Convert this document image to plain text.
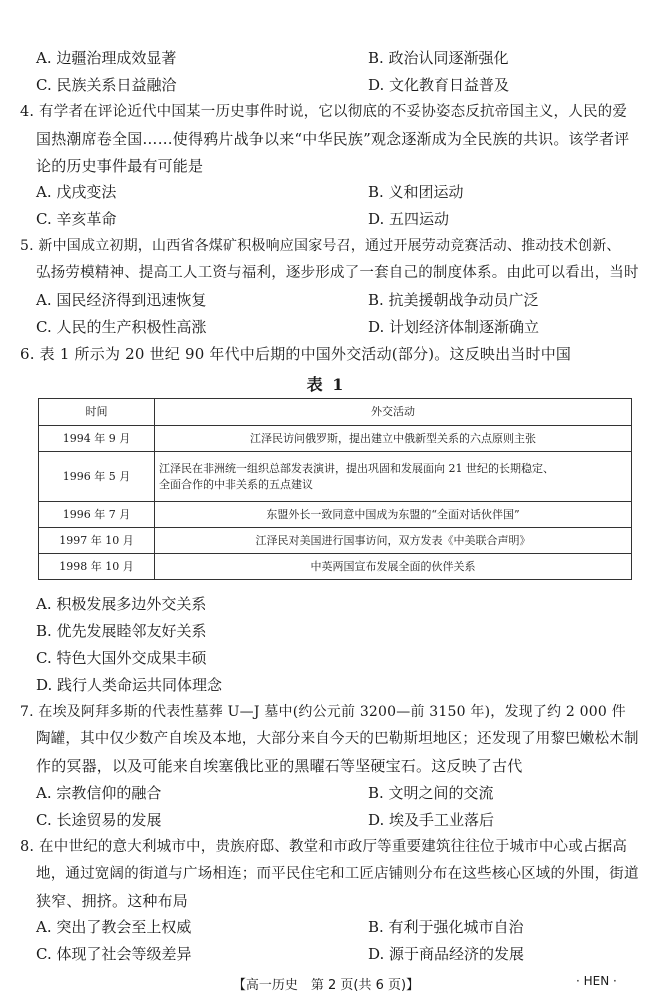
A. 边疆治理成效显著	B. 政治认同逐渐强化
C. 民族关系日益融洽	D. 文化教育日益普及
4. 有学者在评论近代中国某一历史事件时说，它以彻底的不妥协姿态反抗帝国主义，人民的爱
国热潮席卷全国……使得鸦片战争以来“中华民族”观念逐渐成为全民族的共识。该学者评
论的历史事件最有可能是
A. 戊戌变法	B. 义和团运动
C. 辛亥革命	D. 五四运动
5. 新中国成立初期，山西省各煤矿积极响应国家号召，通过开展劳动竞赛活动、推动技术创新、
弘扬劳模精神、提高工人工资与福利，逐步形成了一套自己的制度体系。由此可以看出，当时
A. 国民经济得到迅速恢复	B. 抗美援朝战争动员广泛
C. 人民的生产积极性高涨	D. 计划经济体制逐渐确立
6. 表 1 所示为 20 世纪 90 年代中后期的中国外交活动(部分)。这反映出当时中国
表 1
时间	外交活动
1994 年 9 月	江泽民访问俄罗斯，提出建立中俄新型关系的六点原则主张
1996 年 5 月	江泽民在非洲统一组织总部发表演讲，提出巩固和发展面向 21 世纪的长期稳定、
全面合作的中非关系的五点建议

1996 年 7 月	东盟外长一致同意中国成为东盟的“全面对话伙伴国”
1997 年 10 月	江泽民对美国进行国事访问，双方发表《中美联合声明》
1998 年 10 月	中英两国宣布发展全面的伙伴关系
A. 积极发展多边外交关系
B. 优先发展睦邻友好关系
C. 特色大国外交成果丰硕
D. 践行人类命运共同体理念
7. 在埃及阿拜多斯的代表性墓葬 U—J 墓中(约公元前 3200—前 3150 年)，发现了约 2 000 件
陶罐，其中仅少数产自埃及本地，大部分来自今天的巴勒斯坦地区；还发现了用黎巴嫩松木制
作的冥器，以及可能来自埃塞俄比亚的黑曜石等坚硬宝石。这反映了古代
A. 宗教信仰的融合	B. 文明之间的交流
C. 长途贸易的发展	D. 埃及手工业落后
8. 在中世纪的意大利城市中，贵族府邸、教堂和市政厅等重要建筑往往位于城市中心或占据高
地，通过宽阔的街道与广场相连；而平民住宅和工匠店铺则分布在这些核心区域的外围，街道
狭窄、拥挤。这种布局
A. 突出了教会至上权威	B. 有利于强化城市自治
C. 体现了社会等级差异	D. 源于商品经济的发展
【高一历史　第 2 页(共 6 页)】	· HEN ·
